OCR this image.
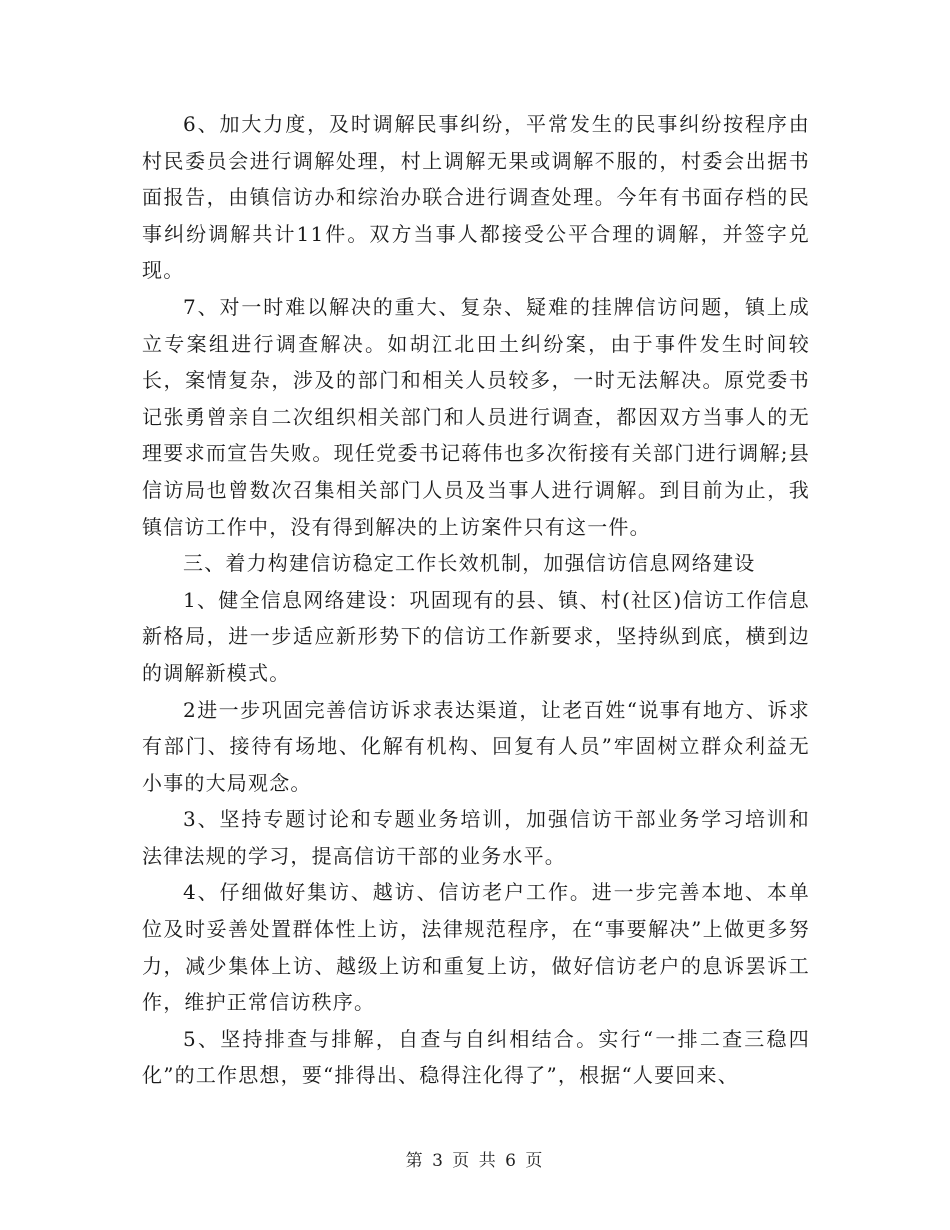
6、加大力度，及时调解民事纠纷，平常发生的民事纠纷按程序由村民委员会进行调解处理，村上调解无果或调解不服的，村委会出据书面报告，由镇信访办和综治办联合进行调查处理。今年有书面存档的民事纠纷调解共计11件。双方当事人都接受公平合理的调解，并签字兑现。

7、对一时难以解决的重大、复杂、疑难的挂牌信访问题，镇上成立专案组进行调查解决。如胡江北田土纠纷案，由于事件发生时间较长，案情复杂，涉及的部门和相关人员较多，一时无法解决。原党委书记张勇曾亲自二次组织相关部门和人员进行调查，都因双方当事人的无理要求而宣告失败。现任党委书记蒋伟也多次衔接有关部门进行调解;县信访局也曾数次召集相关部门人员及当事人进行调解。到目前为止，我镇信访工作中，没有得到解决的上访案件只有这一件。

三、着力构建信访稳定工作长效机制，加强信访信息网络建设

1、健全信息网络建设：巩固现有的县、镇、村(社区)信访工作信息新格局，进一步适应新形势下的信访工作新要求，坚持纵到底，横到边的调解新模式。

2进一步巩固完善信访诉求表达渠道，让老百姓“说事有地方、诉求有部门、接待有场地、化解有机构、回复有人员”牢固树立群众利益无小事的大局观念。

3、坚持专题讨论和专题业务培训，加强信访干部业务学习培训和法律法规的学习，提高信访干部的业务水平。

4、仔细做好集访、越访、信访老户工作。进一步完善本地、本单位及时妥善处置群体性上访，法律规范程序，在“事要解决”上做更多努力，减少集体上访、越级上访和重复上访，做好信访老户的息诉罢诉工作，维护正常信访秩序。

5、坚持排查与排解，自查与自纠相结合。实行“一排二查三稳四化”的工作思想，要“排得出、稳得注化得了”，根据“人要回来、

第 3 页 共 6 页
